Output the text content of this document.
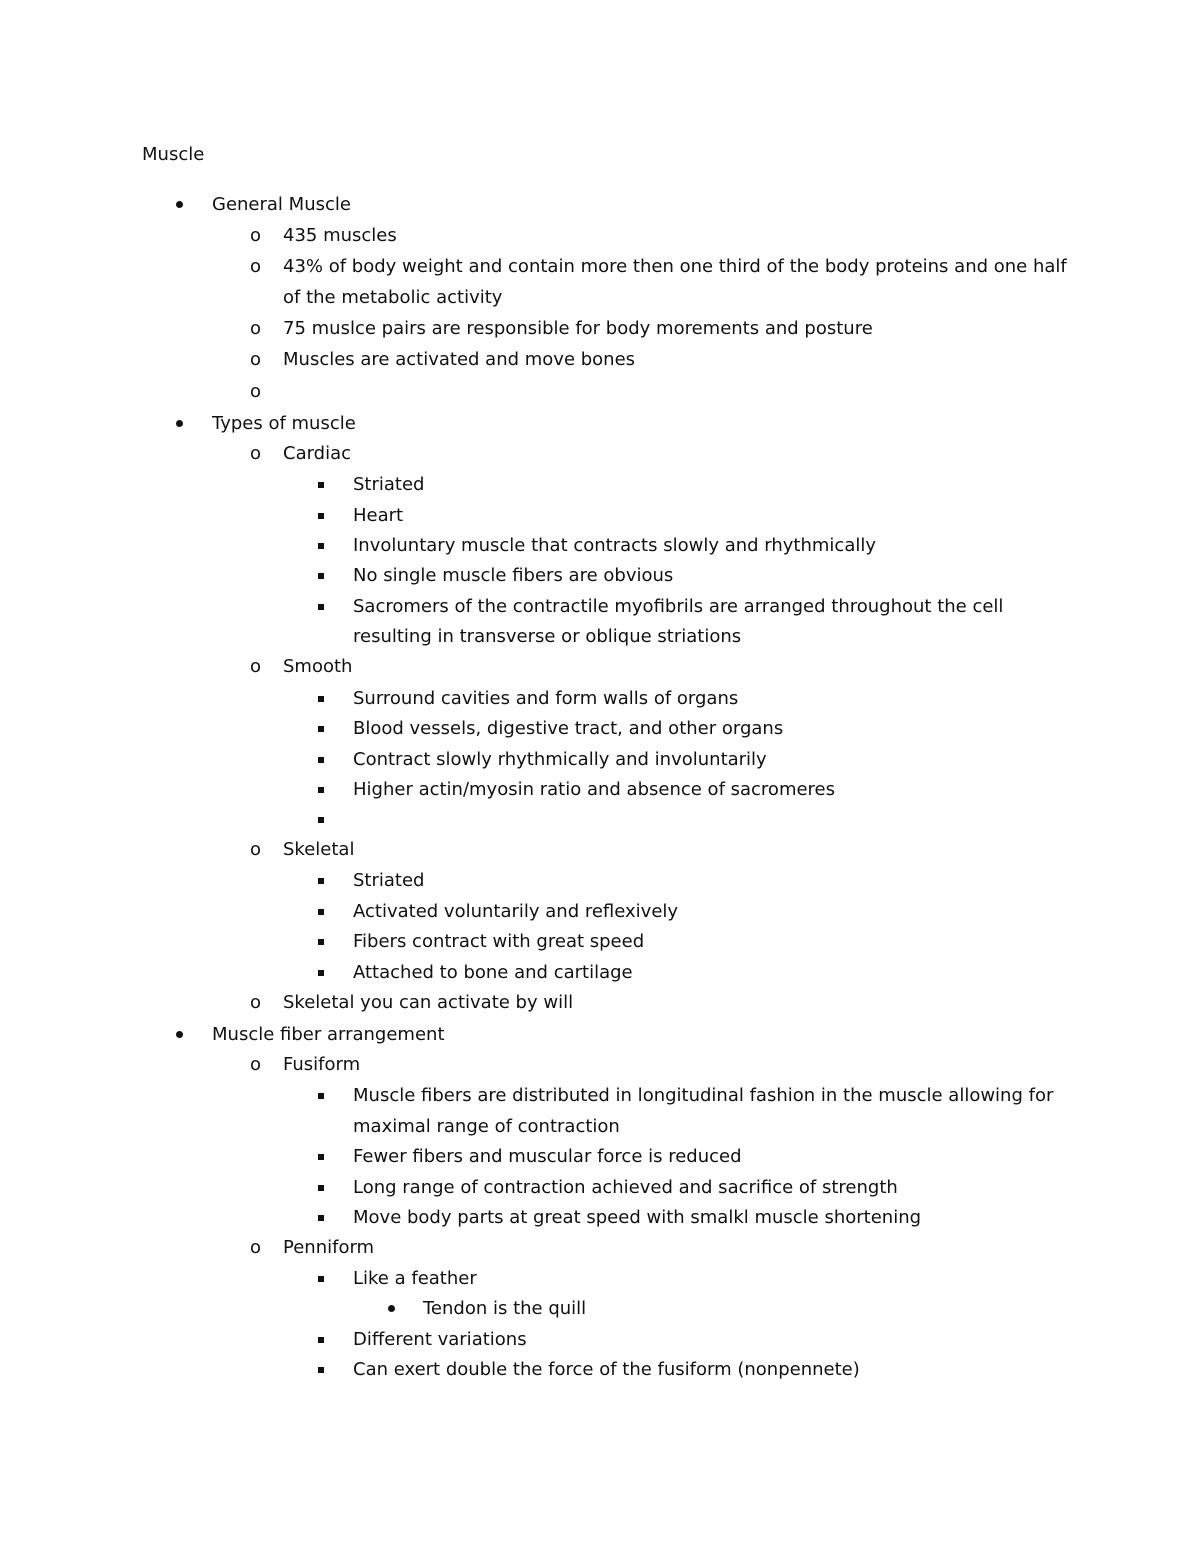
Muscle
General Muscle
o 435 muscles
o 43% of body weight and contain more then one third of the body proteins and one half
of the metabolic activity
o 75 muslce pairs are responsible for body morements and posture
o Muscles are activated and move bones
o
Types of muscle
o Cardiac
Striated
Heart
Involuntary muscle that contracts slowly and rhythmically
No single muscle fibers are obvious
Sacromers of the contractile myofibrils are arranged throughout the cell
resulting in transverse or oblique striations
o Smooth
Surround cavities and form walls of organs
Blood vessels, digestive tract, and other organs
Contract slowly rhythmically and involuntarily
Higher actin/myosin ratio and absence of sacromeres
o Skeletal
Striated
Activated voluntarily and reflexively
Fibers contract with great speed
Attached to bone and cartilage
o Skeletal you can activate by will
Muscle fiber arrangement
o Fusiform
Muscle fibers are distributed in longitudinal fashion in the muscle allowing for
maximal range of contraction
Fewer fibers and muscular force is reduced
Long range of contraction achieved and sacrifice of strength
Move body parts at great speed with smalkl muscle shortening
o Penniform
Like a feather
Tendon is the quill
Different variations
Can exert double the force of the fusiform (nonpennete)
